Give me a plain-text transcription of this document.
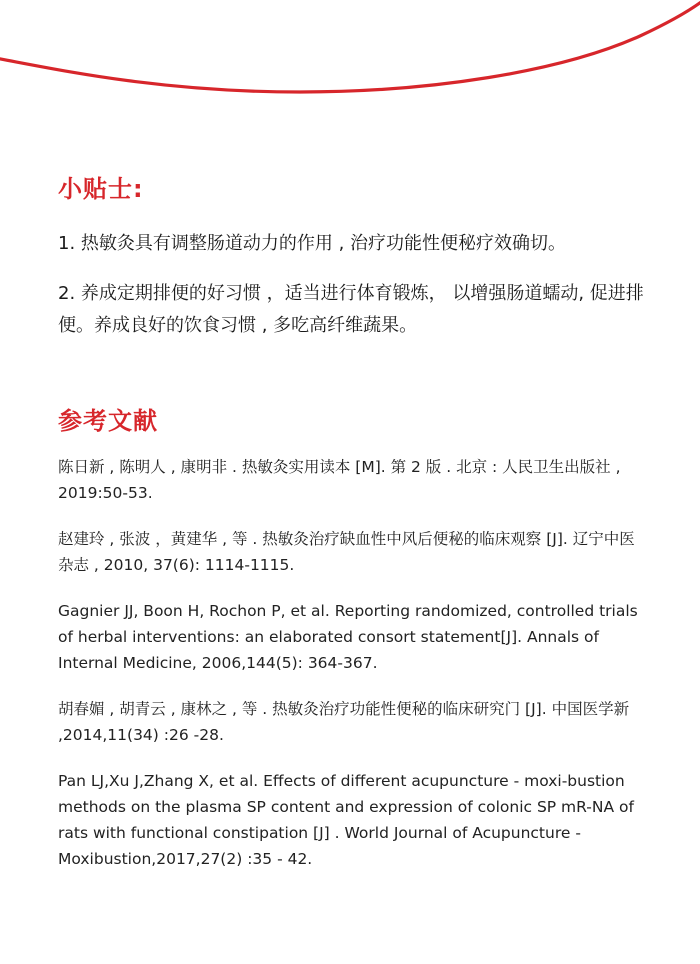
小贴士:
1. 热敏灸具有调整肠道动力的作用 , 治疗功能性便秘疗效确切。
2. 养成定期排便的好习惯 ，适当进行体育锻炼， 以增强肠道蠕动, 促进排便。养成良好的饮食习惯 , 多吃高纤维蔬果。
参考文献
陈日新 , 陈明人 , 康明非 . 热敏灸实用读本 [M]. 第 2 版 . 北京 : 人民卫生出版社 , 2019:50-53.
赵建玲 , 张波 ，黄建华 , 等 . 热敏灸治疗缺血性中风后便秘的临床观察 [J]. 辽宁中医杂志 , 2010, 37(6): 1114-1115.
Gagnier JJ, Boon H, Rochon P, et al. Reporting randomized, controlled trials of herbal interventions: an elaborated consort statement[J]. Annals of Internal Medicine, 2006,144(5): 364-367.
胡春媚 , 胡青云 , 康林之 , 等 . 热敏灸治疗功能性便秘的临床研究门 [J]. 中国医学新 ,2014,11(34) :26 -28.
Pan LJ,Xu J,Zhang X, et al. Effects of different acupuncture - moxi-bustion methods on the plasma SP content and expression of colonic SP mR-NA of rats with functional constipation [J] . World Journal of Acupuncture -Moxibustion,2017,27(2) :35 - 42.
